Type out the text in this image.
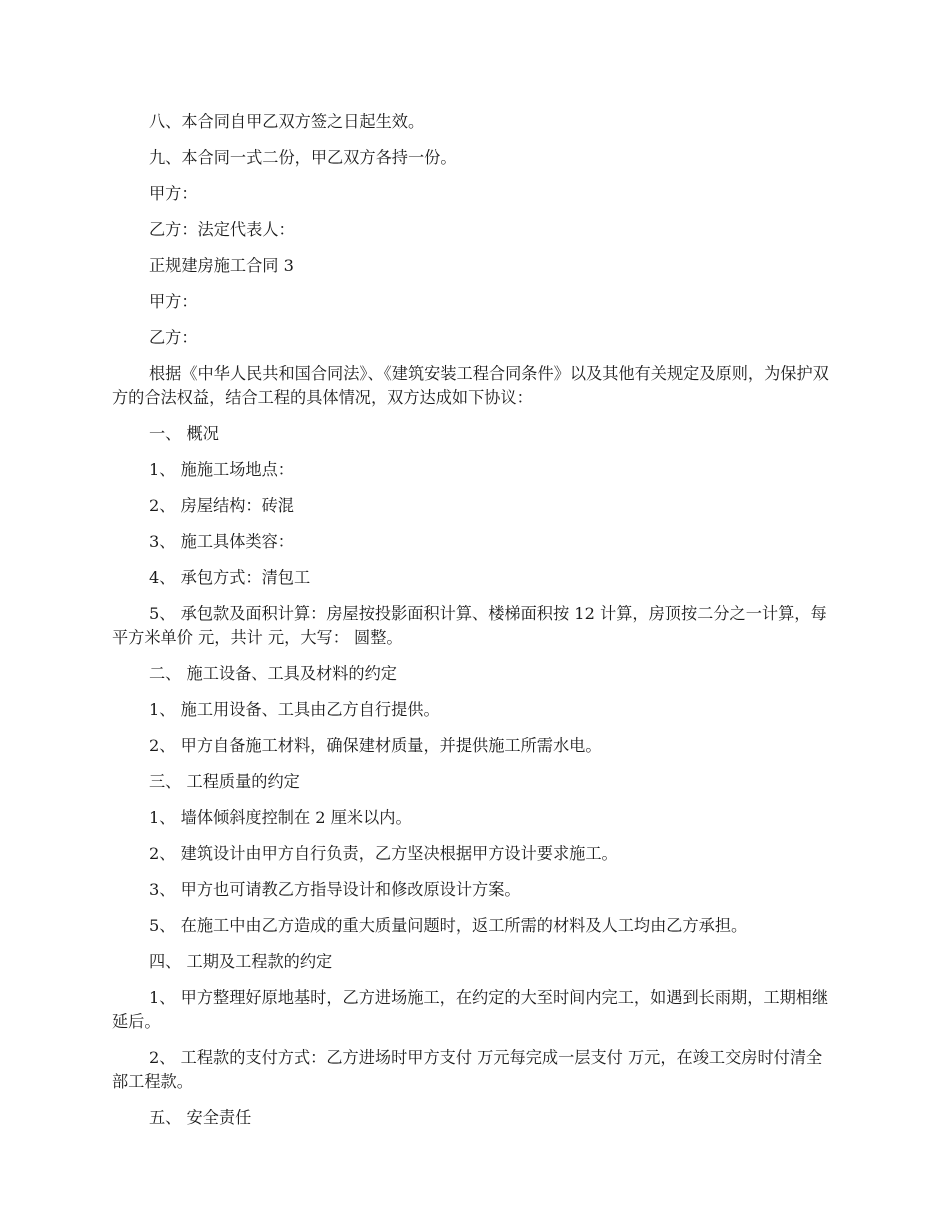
八、本合同自甲乙双方签之日起生效。

九、本合同一式二份，甲乙双方各持一份。

甲方：

乙方：法定代表人：

正规建房施工合同 3

甲方：

乙方：

根据《中华人民共和国合同法》、《建筑安装工程合同条件》以及其他有关规定及原则，为保护双方的合法权益，结合工程的具体情况，双方达成如下协议：

一、 概况

1、 施施工场地点：

2、 房屋结构：砖混

3、 施工具体类容：

4、 承包方式：清包工

5、 承包款及面积计算：房屋按投影面积计算、楼梯面积按 12 计算，房顶按二分之一计算，每平方米单价 元，共计 元，大写： 圆整。

二、 施工设备、工具及材料的约定

1、 施工用设备、工具由乙方自行提供。

2、 甲方自备施工材料，确保建材质量，并提供施工所需水电。

三、 工程质量的约定

1、 墙体倾斜度控制在 2 厘米以内。

2、 建筑设计由甲方自行负责，乙方坚决根据甲方设计要求施工。

3、 甲方也可请教乙方指导设计和修改原设计方案。

5、 在施工中由乙方造成的重大质量问题时，返工所需的材料及人工均由乙方承担。

四、 工期及工程款的约定

1、 甲方整理好原地基时，乙方进场施工，在约定的大至时间内完工，如遇到长雨期，工期相继延后。

2、 工程款的支付方式：乙方进场时甲方支付 万元每完成一层支付 万元，在竣工交房时付清全部工程款。

五、 安全责任
